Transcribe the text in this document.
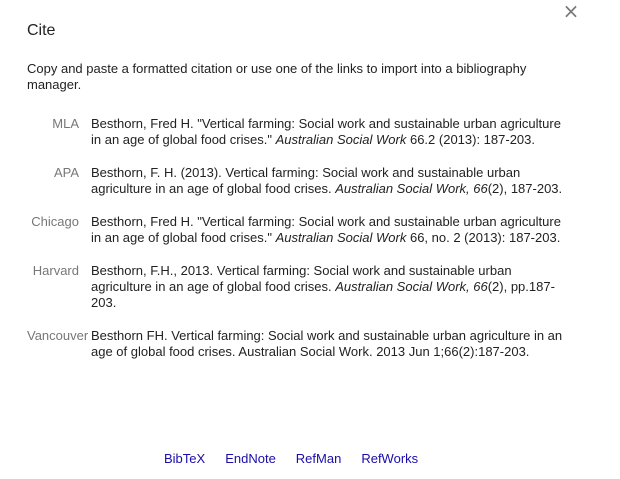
×
Cite
Copy and paste a formatted citation or use one of the links to import into a bibliography manager.
MLA Besthorn, Fred H. "Vertical farming: Social work and sustainable urban agriculture in an age of global food crises." Australian Social Work 66.2 (2013): 187-203.
APA Besthorn, F. H. (2013). Vertical farming: Social work and sustainable urban agriculture in an age of global food crises. Australian Social Work, 66(2), 187-203.
Chicago Besthorn, Fred H. "Vertical farming: Social work and sustainable urban agriculture in an age of global food crises." Australian Social Work 66, no. 2 (2013): 187-203.
Harvard Besthorn, F.H., 2013. Vertical farming: Social work and sustainable urban agriculture in an age of global food crises. Australian Social Work, 66(2), pp.187-203.
Vancouver Besthorn FH. Vertical farming: Social work and sustainable urban agriculture in an age of global food crises. Australian Social Work. 2013 Jun 1;66(2):187-203.
BibTeX EndNote RefMan RefWorks
